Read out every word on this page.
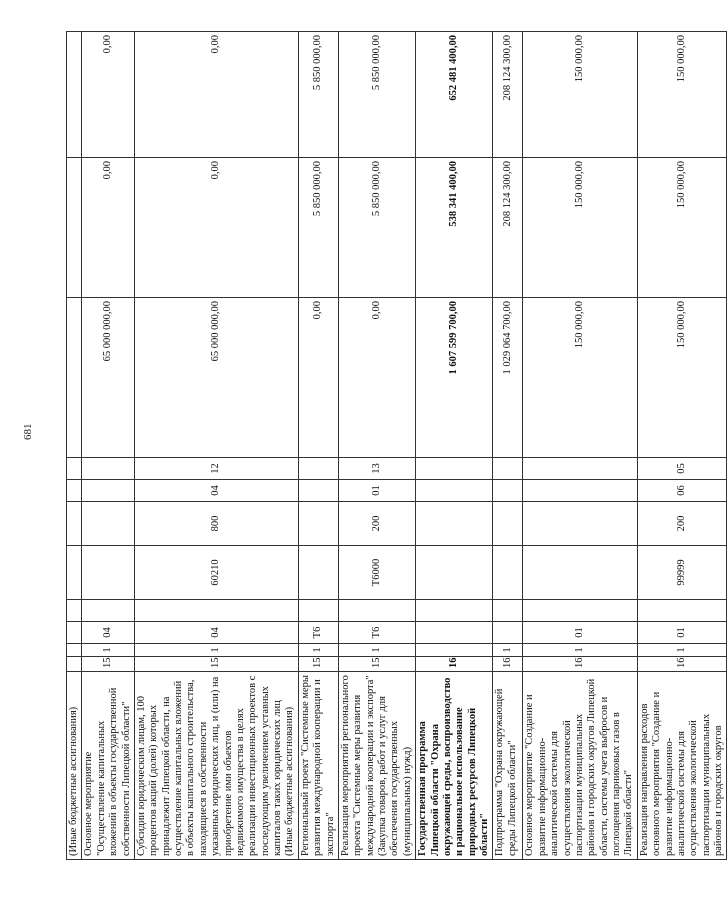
681
(Иные бюджетные ассигнования)											
Основное мероприятие "Осуществление капитальных вложений в объекты государственной собственности Липецкой области"	15	1	04						65 000 000,00	0,00	0,00
Субсидии юридическим лицам, 100 процентов акций (долей) которых принадлежит Липецкой области, на осуществление капитальных вложений в объекты капитального строительства, находящиеся в собственности указанных юридических лиц, и (или) на приобретение ими объектов недвижимого имущества в целях реализации инвестиционных проектов с последующим увеличением уставных капиталов таких юридических лиц (Иные бюджетные ассигнования)	15	1	04		60210	800	04	12	65 000 000,00	0,00	0,00
Региональный проект "Системные меры развития международной кооперации и экспорта"	15	1	T6						0,00	5 850 000,00	5 850 000,00
Реализация мероприятий регионального проекта "Системные меры развития международной кооперации и экспорта" (Закупка товаров, работ и услуг для обеспечения государственных (муниципальных) нужд)	15	1	T6		T6000	200	01	13	0,00	5 850 000,00	5 850 000,00
Государственная программа Липецкой области "Охрана окружающей среды, воспроизводство и рациональное использование природных ресурсов Липецкой области"	16								1 607 599 700,00	538 341 400,00	652 481 400,00
Подпрограмма "Охрана окружающей среды Липецкой области"	16	1							1 029 064 700,00	208 124 300,00	208 124 300,00
Основное мероприятие "Создание и развитие информационно-аналитической системы для осуществления экологической паспортизации муниципальных районов и городских округов Липецкой области, системы учета выбросов и поглощения парниковых газов в Липецкой области"	16	1	01						150 000,00	150 000,00	150 000,00
Реализация направления расходов основного мероприятия "Создание и развитие информационно-аналитической системы для осуществления экологической паспортизации муниципальных районов и городских округов	16	1	01		99999	200	06	05	150 000,00	150 000,00	150 000,00
